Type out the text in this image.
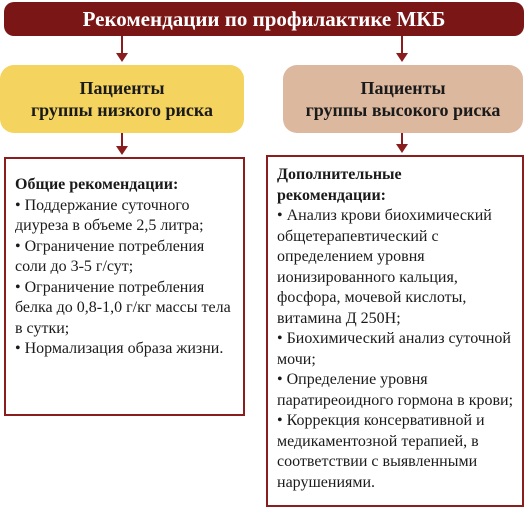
Рекомендации по профилактике МКБ
Пациенты
группы низкого риска
Пациенты
группы высокого риска
Общие рекомендации:
• Поддержание суточного диуреза в объеме 2,5 литра;
• Ограничение потребления соли до 3-5 г/сут;
• Ограничение потребления белка до 0,8-1,0 г/кг массы тела в сутки;
• Нормализация образа жизни.
Дополнительные рекомендации:
• Анализ крови биохимический общетерапевтический с определением уровня ионизированного кальция, фосфора, мочевой кислоты, витамина Д 250Н;
• Биохимический анализ суточной мочи;
• Определение уровня паратиреоидного гормона в крови;
• Коррекция консервативной и медикаментозной терапией, в соответствии с выявленными нарушениями.
